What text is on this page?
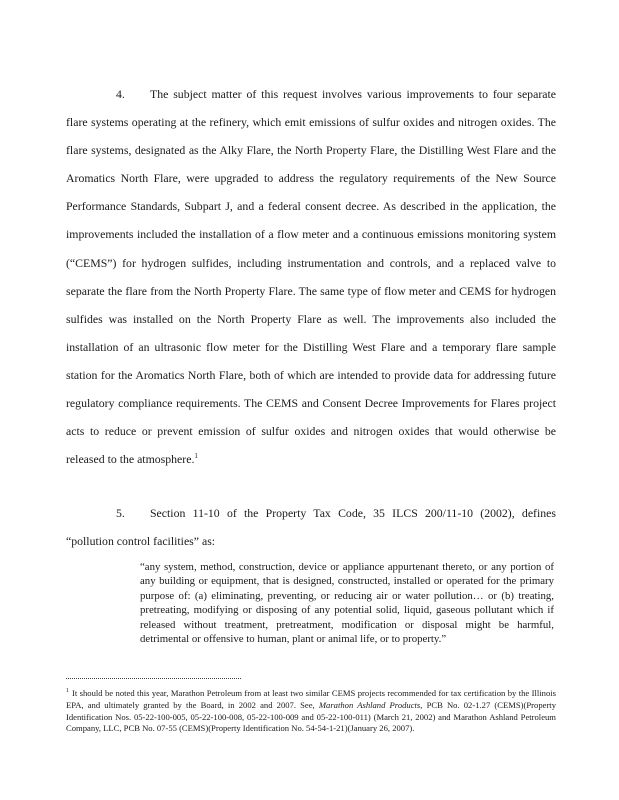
4. The subject matter of this request involves various improvements to four separate flare systems operating at the refinery, which emit emissions of sulfur oxides and nitrogen oxides. The flare systems, designated as the Alky Flare, the North Property Flare, the Distilling West Flare and the Aromatics North Flare, were upgraded to address the regulatory requirements of the New Source Performance Standards, Subpart J, and a federal consent decree. As described in the application, the improvements included the installation of a flow meter and a continuous emissions monitoring system (“CEMS”) for hydrogen sulfides, including instrumentation and controls, and a replaced valve to separate the flare from the North Property Flare. The same type of flow meter and CEMS for hydrogen sulfides was installed on the North Property Flare as well. The improvements also included the installation of an ultrasonic flow meter for the Distilling West Flare and a temporary flare sample station for the Aromatics North Flare, both of which are intended to provide data for addressing future regulatory compliance requirements. The CEMS and Consent Decree Improvements for Flares project acts to reduce or prevent emission of sulfur oxides and nitrogen oxides that would otherwise be released to the atmosphere.$^1$

5. Section 11-10 of the Property Tax Code, 35 ILCS 200/11-10 (2002), defines “pollution control facilities” as:

“any system, method, construction, device or appliance appurtenant thereto, or any portion of any building or equipment, that is designed, constructed, installed or operated for the primary purpose of: (a) eliminating, preventing, or reducing air or water pollution… or (b) treating, pretreating, modifying or disposing of any potential solid, liquid, gaseous pollutant which if released without treatment, pretreatment, modification or disposal might be harmful, detrimental or offensive to human, plant or animal life, or to property.”

$^1$ It should be noted this year, Marathon Petroleum from at least two similar CEMS projects recommended for tax certification by the Illinois EPA, and ultimately granted by the Board, in 2002 and 2007. See, Marathon Ashland Products, PCB No. 02-1.27 (CEMS)(Property Identification Nos. 05-22-100-005, 05-22-100-008, 05-22-100-009 and 05-22-100-011) (March 21, 2002) and Marathon Ashland Petroleum Company, LLC, PCB No. 07-55 (CEMS)(Property Identification No. 54-54-1-21)(January 26, 2007).
